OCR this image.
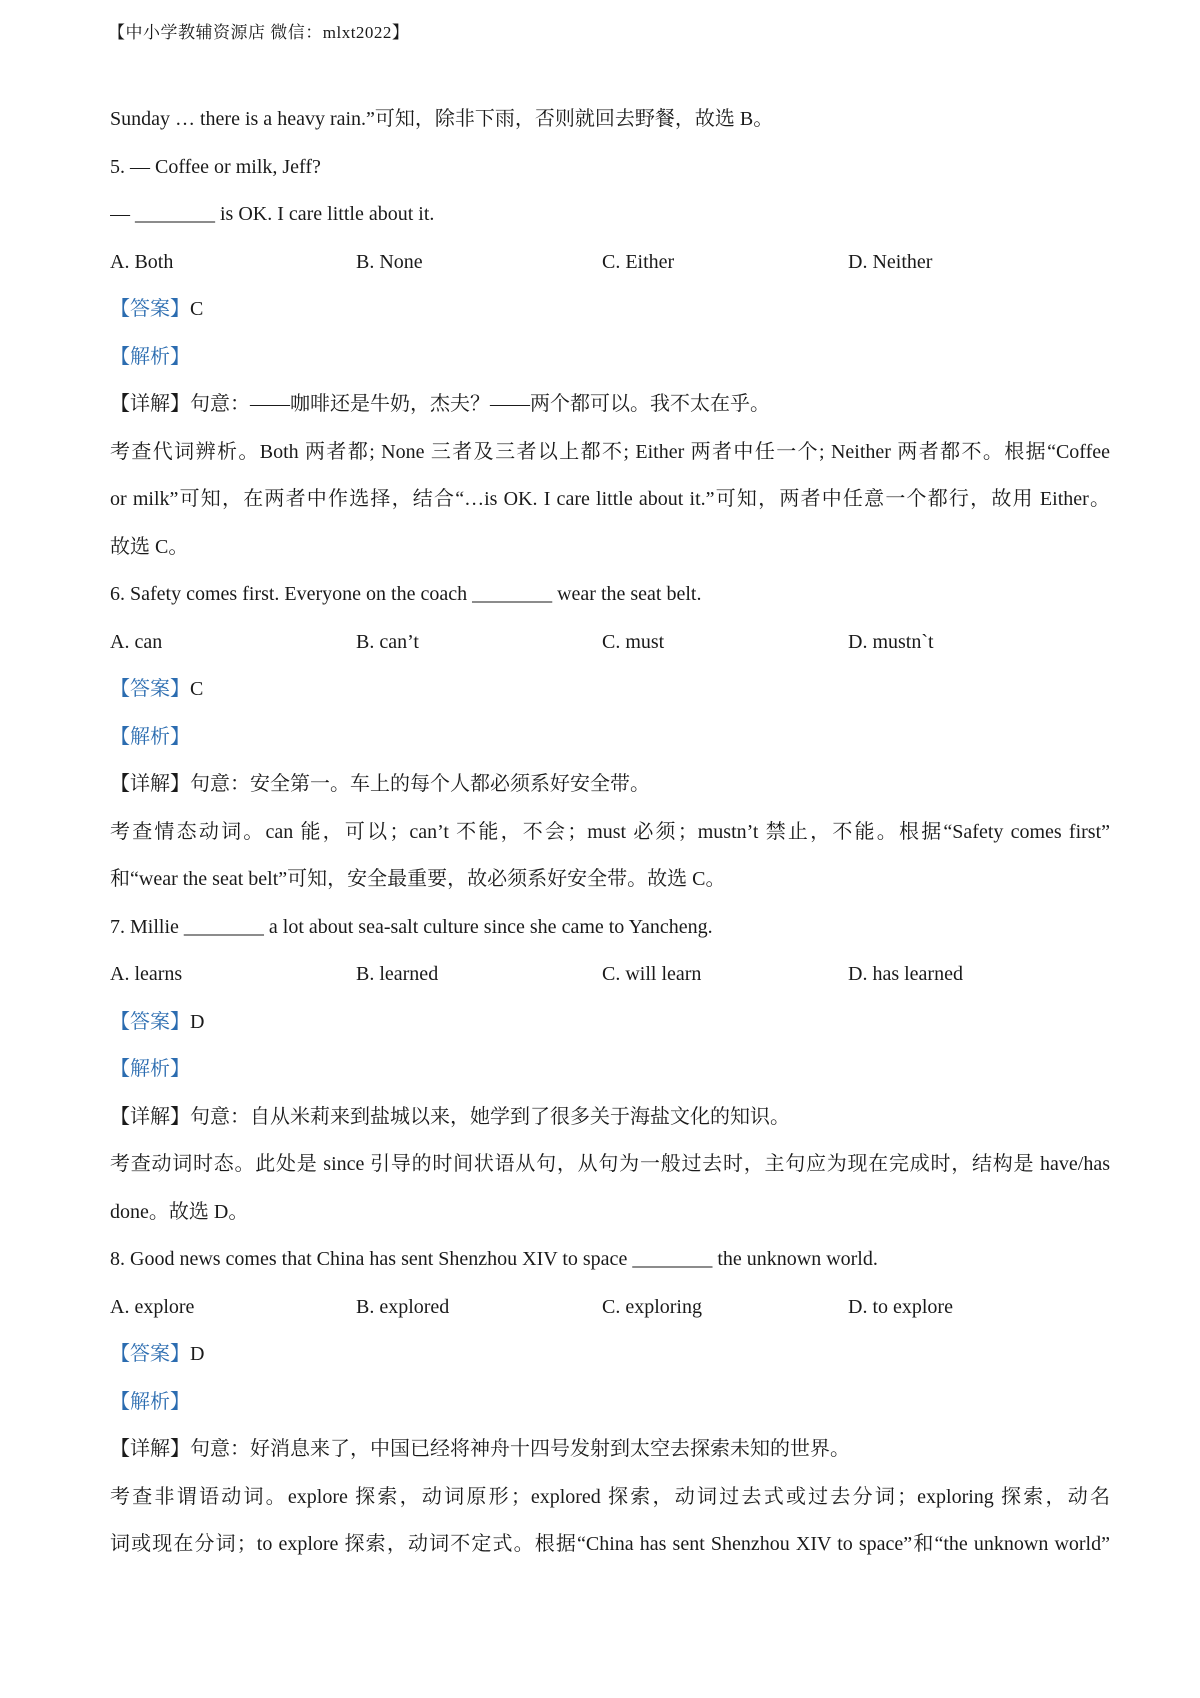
【中小学教辅资源店 微信：mlxt2022】
Sunday … there is a heavy rain.”可知，除非下雨，否则就回去野餐，故选 B。
5. — Coffee or milk, Jeff?
— ________ is OK. I care little about it.
A. Both	B. None	C. Either	D. Neither
【答案】C
【解析】
【详解】句意：——咖啡还是牛奶，杰夫？——两个都可以。我不太在乎。
考查代词辨析。Both 两者都; None 三者及三者以上都不; Either 两者中任一个; Neither 两者都不。根据“Coffee
or milk”可知，在两者中作选择，结合“…is OK. I care little about it.”可知，两者中任意一个都行，故用 Either。
故选 C。
6. Safety comes first. Everyone on the coach ________ wear the seat belt.
A. can	B. can’t	C. must	D. mustn`t
【答案】C
【解析】
【详解】句意：安全第一。车上的每个人都必须系好安全带。
考查情态动词。can 能，可以；can’t 不能，不会；must 必须；mustn’t 禁止，不能。根据“Safety comes first”
和“wear the seat belt”可知，安全最重要，故必须系好安全带。故选 C。
7. Millie ________ a lot about sea-salt culture since she came to Yancheng.
A. learns	B. learned	C. will learn	D. has learned
【答案】D
【解析】
【详解】句意：自从米莉来到盐城以来，她学到了很多关于海盐文化的知识。
考查动词时态。此处是 since 引导的时间状语从句，从句为一般过去时，主句应为现在完成时，结构是 have/has
done。故选 D。
8. Good news comes that China has sent Shenzhou XIV to space ________ the unknown world.
A. explore	B. explored	C. exploring	D. to explore
【答案】D
【解析】
【详解】句意：好消息来了，中国已经将神舟十四号发射到太空去探索未知的世界。
考查非谓语动词。explore 探索，动词原形；explored 探索，动词过去式或过去分词；exploring 探索，动名
词或现在分词；to explore 探索，动词不定式。根据“China has sent Shenzhou XIV to space”和“the unknown world”
